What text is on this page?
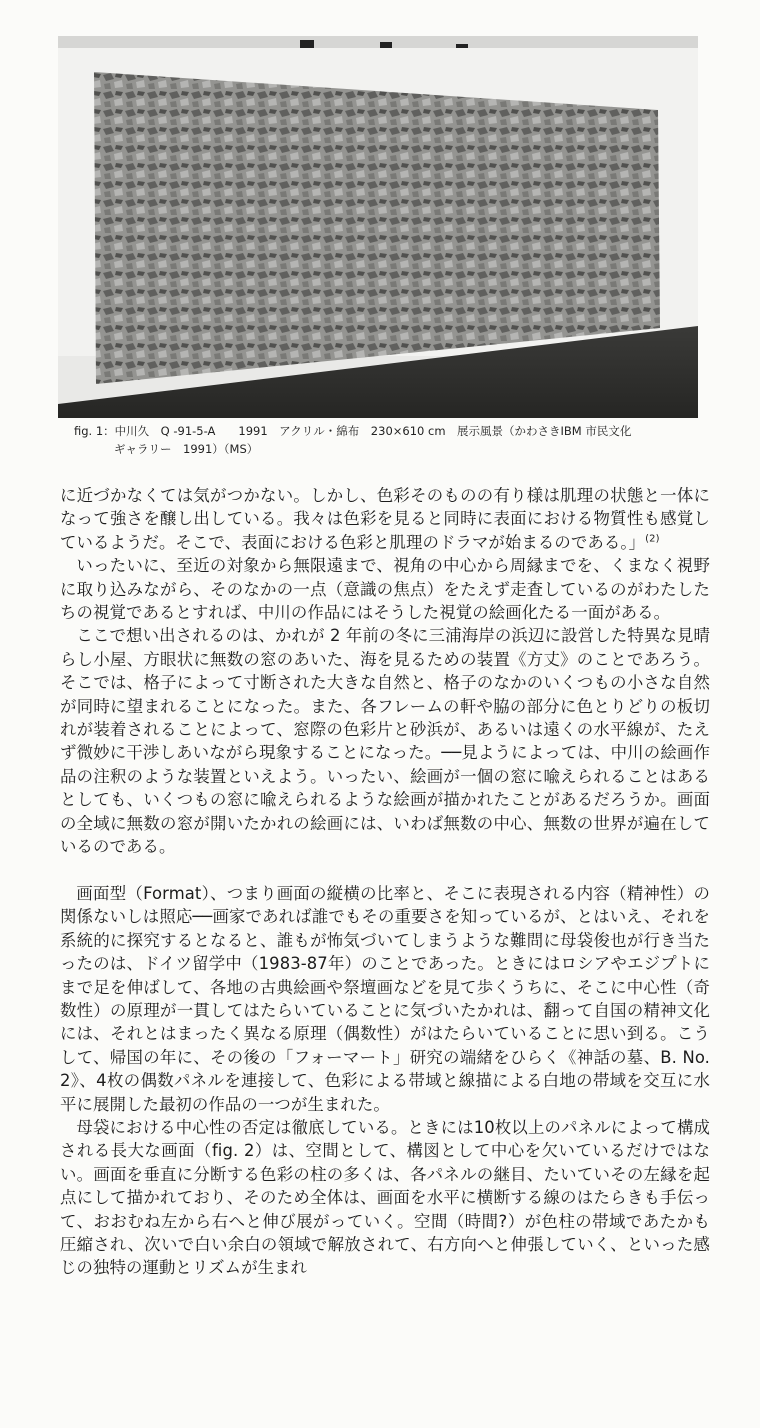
fig. 1：中川久　Q -91-5-A　　1991　アクリル・綿布　230×610 cm　展示風景（かわさきIBM 市民文化
ギャラリー　1991）（MS）

に近づかなくては気がつかない。しかし、色彩そのものの有り様は肌理の状態と一体になって強さを醸し出している。我々は色彩を見ると同時に表面における物質性も感覚しているようだ。そこで、表面における色彩と肌理のドラマが始まるのである。」$^{(2)}$

いったいに、至近の対象から無限遠まで、視角の中心から周縁までを、くまなく視野に取り込みながら、そのなかの一点（意識の焦点）をたえず走査しているのがわたしたちの視覚であるとすれば、中川の作品にはそうした視覚の絵画化たる一面がある。

ここで想い出されるのは、かれが 2 年前の冬に三浦海岸の浜辺に設営した特異な見晴らし小屋、方眼状に無数の窓のあいた、海を見るための装置《方丈》のことであろう。そこでは、格子によって寸断された大きな自然と、格子のなかのいくつもの小さな自然が同時に望まれることになった。また、各フレームの軒や脇の部分に色とりどりの板切れが装着されることによって、窓際の色彩片と砂浜が、あるいは遠くの水平線が、たえず微妙に干渉しあいながら現象することになった。──見ようによっては、中川の絵画作品の注釈のような装置といえよう。いったい、絵画が一個の窓に喩えられることはあるとしても、いくつもの窓に喩えられるような絵画が描かれたことがあるだろうか。画面の全域に無数の窓が開いたかれの絵画には、いわば無数の中心、無数の世界が遍在しているのである。

画面型（Format）、つまり画面の縦横の比率と、そこに表現される内容（精神性）の関係ないしは照応──画家であれば誰でもその重要さを知っているが、とはいえ、それを系統的に探究するとなると、誰もが怖気づいてしまうような難問に母袋俊也が行き当たったのは、ドイツ留学中（1983-87年）のことであった。ときにはロシアやエジプトにまで足を伸ばして、各地の古典絵画や祭壇画などを見て歩くうちに、そこに中心性（奇数性）の原理が一貫してはたらいていることに気づいたかれは、翻って自国の精神文化には、それとはまったく異なる原理（偶数性）がはたらいていることに思い到る。こうして、帰国の年に、その後の「フォーマート」研究の端緒をひらく《神話の墓、B. No. 2》、4枚の偶数パネルを連接して、色彩による帯域と線描による白地の帯域を交互に水平に展開した最初の作品の一つが生まれた。

母袋における中心性の否定は徹底している。ときには10枚以上のパネルによって構成される長大な画面（fig. 2）は、空間として、構図として中心を欠いているだけではない。画面を垂直に分断する色彩の柱の多くは、各パネルの継目、たいていその左縁を起点にして描かれており、そのため全体は、画面を水平に横断する線のはたらきも手伝って、おおむね左から右へと伸び展がっていく。空間（時間?）が色柱の帯域であたかも圧縮され、次いで白い余白の領域で解放されて、右方向へと伸張していく、といった感じの独特の運動とリズムが生まれ
